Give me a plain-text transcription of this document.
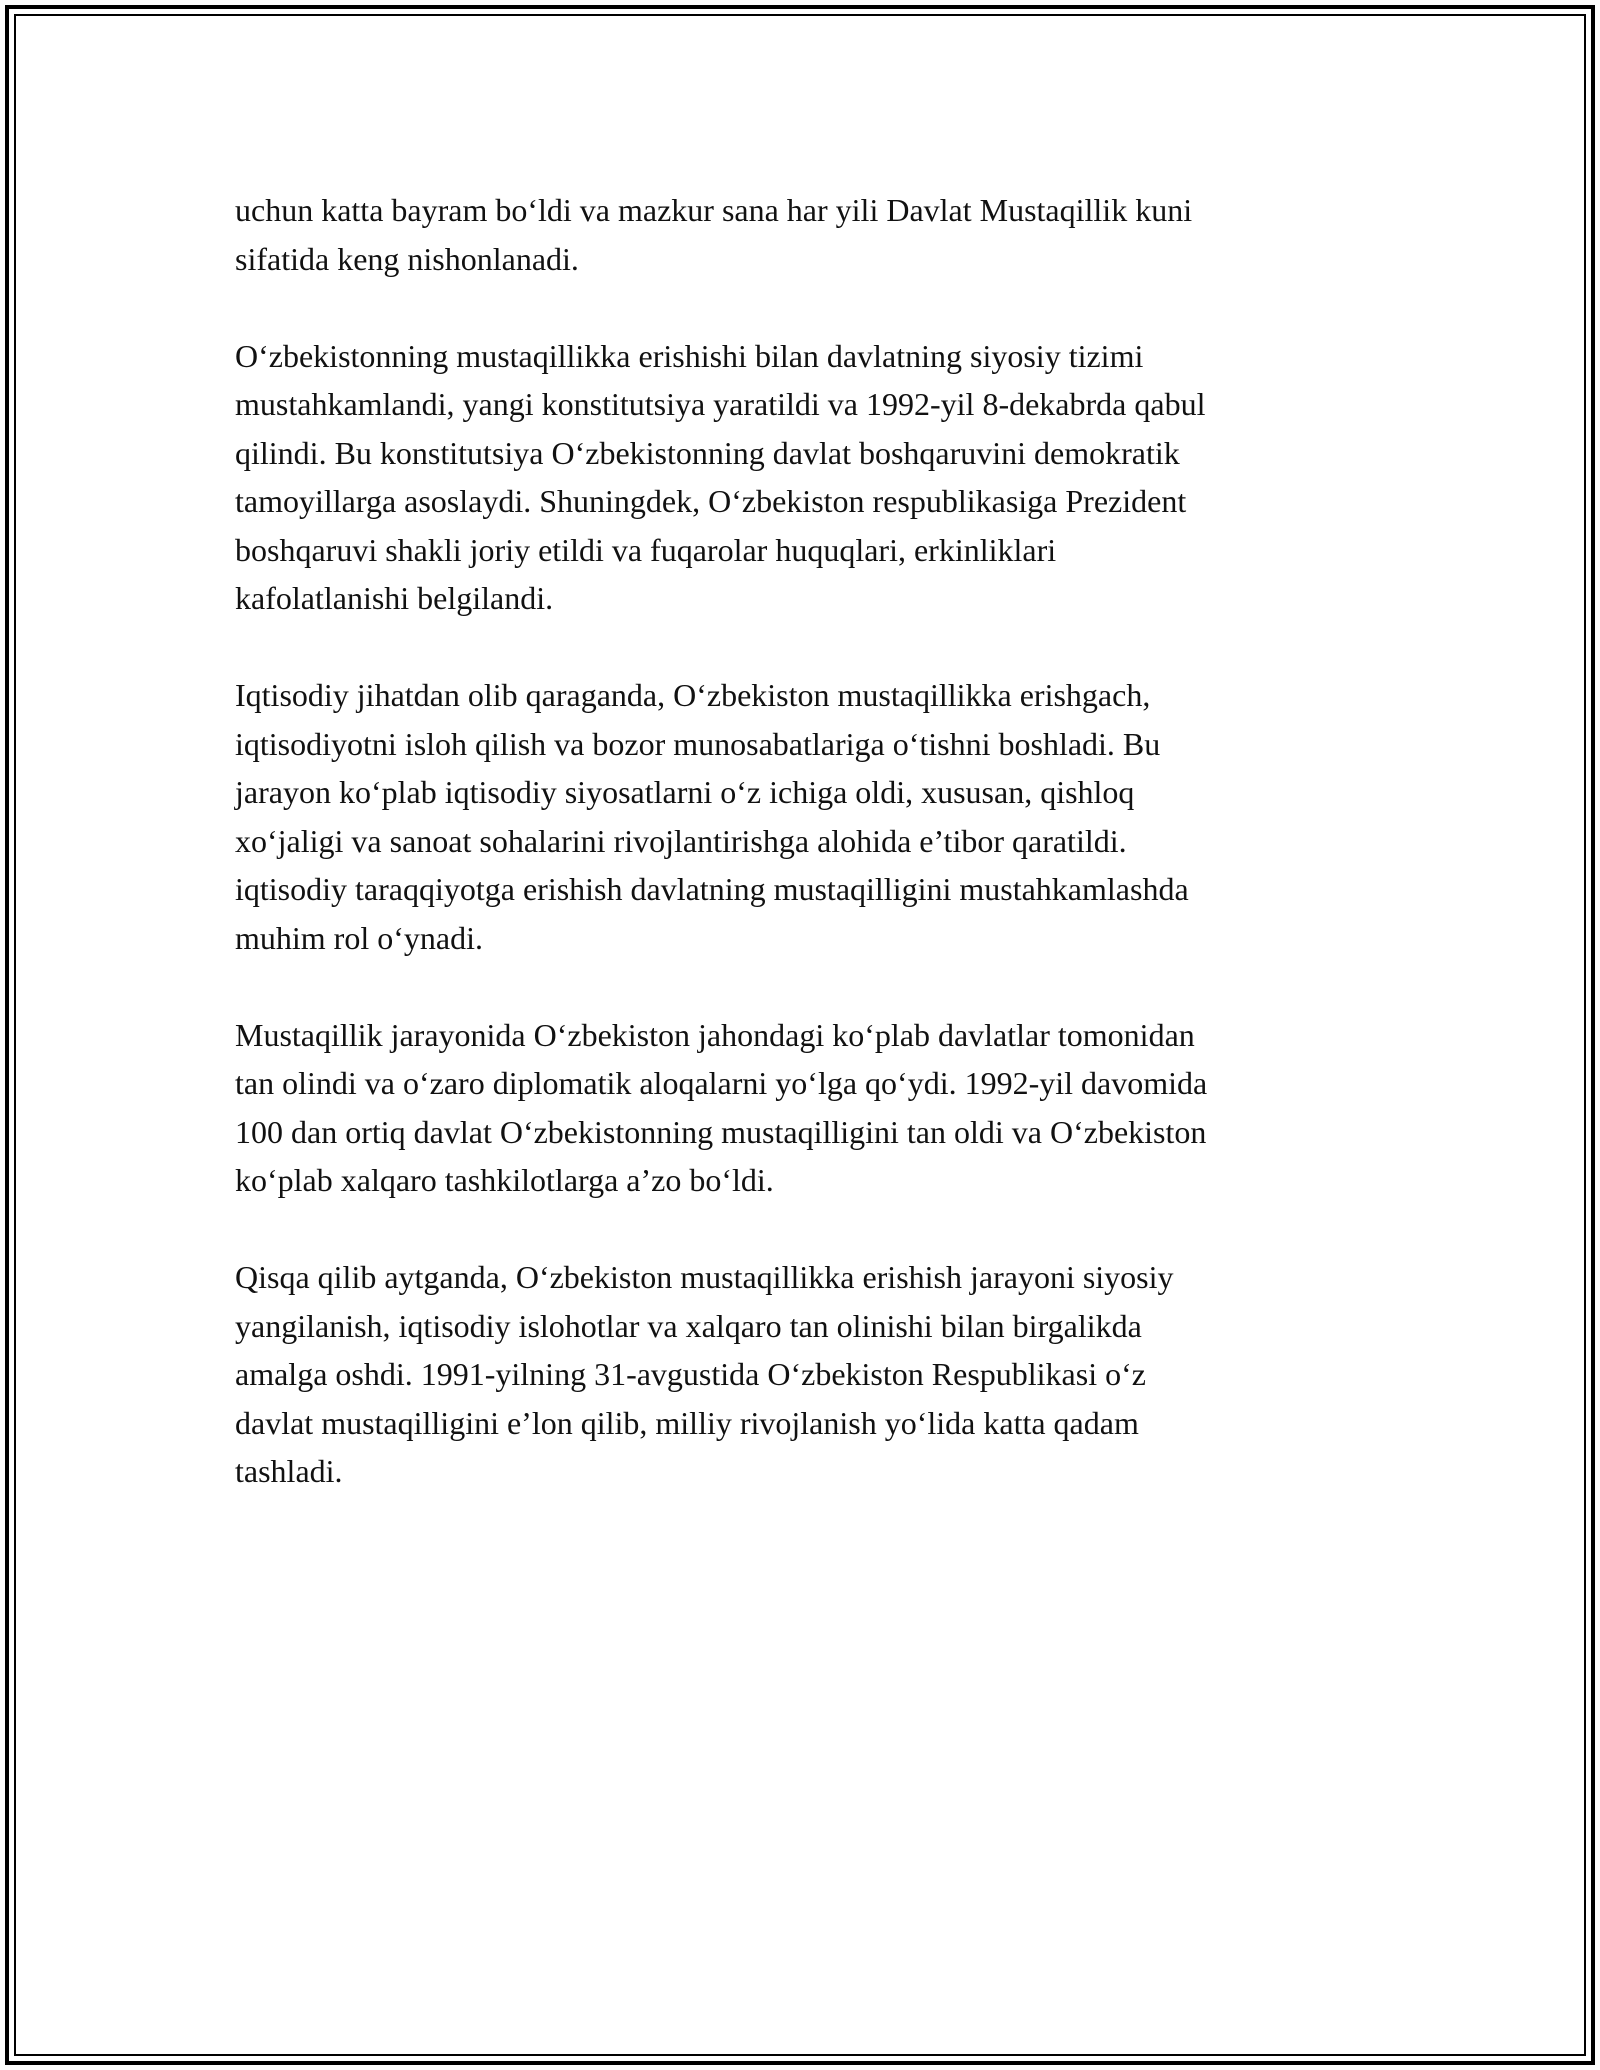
uchun katta bayram bo‘ldi va mazkur sana har yili Davlat Mustaqillik kuni
sifatida keng nishonlanadi.

O‘zbekistonning mustaqillikka erishishi bilan davlatning siyosiy tizimi
mustahkamlandi, yangi konstitutsiya yaratildi va 1992-yil 8-dekabrda qabul
qilindi. Bu konstitutsiya O‘zbekistonning davlat boshqaruvini demokratik
tamoyillarga asoslaydi. Shuningdek, O‘zbekiston respublikasiga Prezident
boshqaruvi shakli joriy etildi va fuqarolar huquqlari, erkinliklari
kafolatlanishi belgilandi.

Iqtisodiy jihatdan olib qaraganda, O‘zbekiston mustaqillikka erishgach,
iqtisodiyotni isloh qilish va bozor munosabatlariga o‘tishni boshladi. Bu
jarayon ko‘plab iqtisodiy siyosatlarni o‘z ichiga oldi, xususan, qishloq
xo‘jaligi va sanoat sohalarini rivojlantirishga alohida e’tibor qaratildi.
iqtisodiy taraqqiyotga erishish davlatning mustaqilligini mustahkamlashda
muhim rol o‘ynadi.

Mustaqillik jarayonida O‘zbekiston jahondagi ko‘plab davlatlar tomonidan
tan olindi va o‘zaro diplomatik aloqalarni yo‘lga qo‘ydi. 1992-yil davomida
100 dan ortiq davlat O‘zbekistonning mustaqilligini tan oldi va O‘zbekiston
ko‘plab xalqaro tashkilotlarga a’zo bo‘ldi.

Qisqa qilib aytganda, O‘zbekiston mustaqillikka erishish jarayoni siyosiy
yangilanish, iqtisodiy islohotlar va xalqaro tan olinishi bilan birgalikda
amalga oshdi. 1991-yilning 31-avgustida O‘zbekiston Respublikasi o‘z
davlat mustaqilligini e’lon qilib, milliy rivojlanish yo‘lida katta qadam
tashladi.
